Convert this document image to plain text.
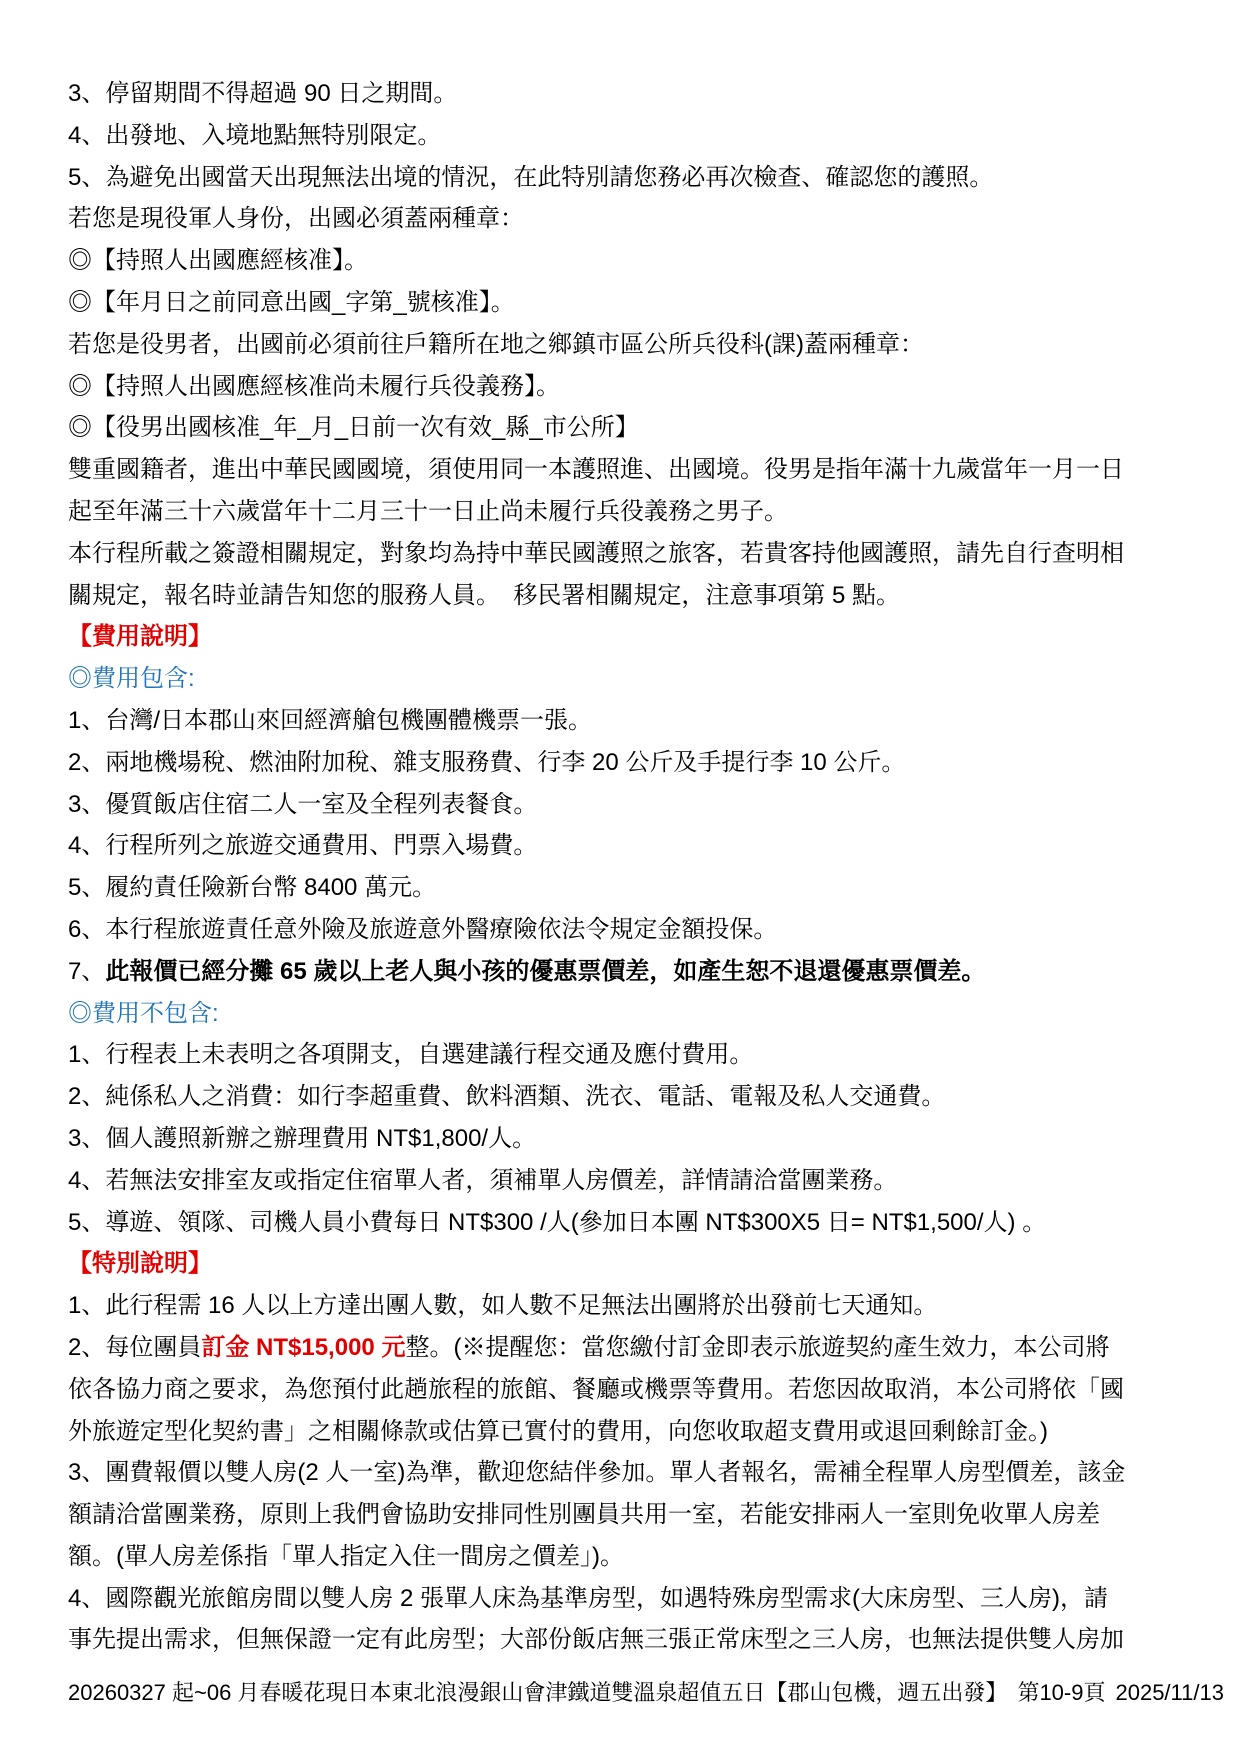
3、停留期間不得超過 90 日之期間。
4、出發地、入境地點無特別限定。
5、為避免出國當天出現無法出境的情況，在此特別請您務必再次檢查、確認您的護照。
若您是現役軍人身份，出國必須蓋兩種章：
◎【持照人出國應經核准】。
◎【年月日之前同意出國_字第_號核准】。
若您是役男者，出國前必須前往戶籍所在地之鄉鎮市區公所兵役科(課)蓋兩種章：
◎【持照人出國應經核准尚未履行兵役義務】。
◎【役男出國核准_年_月_日前一次有效_縣_市公所】
雙重國籍者，進出中華民國國境，須使用同一本護照進、出國境。役男是指年滿十九歲當年一月一日
起至年滿三十六歲當年十二月三十一日止尚未履行兵役義務之男子。
本行程所載之簽證相關規定，對象均為持中華民國護照之旅客，若貴客持他國護照，請先自行查明相
關規定，報名時並請告知您的服務人員。  移民署相關規定，注意事項第 5 點。
【費用說明】
◎費用包含:
1、台灣/日本郡山來回經濟艙包機團體機票一張。
2、兩地機場稅、燃油附加稅、雜支服務費、行李 20 公斤及手提行李 10 公斤。
3、優質飯店住宿二人一室及全程列表餐食。
4、行程所列之旅遊交通費用、門票入場費。
5、履約責任險新台幣 8400 萬元。
6、本行程旅遊責任意外險及旅遊意外醫療險依法令規定金額投保。
7、此報價已經分攤 65 歲以上老人與小孩的優惠票價差，如產生恕不退還優惠票價差。
◎費用不包含:
1、行程表上未表明之各項開支，自選建議行程交通及應付費用。
2、純係私人之消費：如行李超重費、飲料酒類、洗衣、電話、電報及私人交通費。
3、個人護照新辦之辦理費用 NT$1,800/人。
4、若無法安排室友或指定住宿單人者，須補單人房價差，詳情請洽當團業務。
5、導遊、領隊、司機人員小費每日 NT$300 /人(參加日本團 NT$300X5 日= NT$1,500/人) 。
【特別說明】
1、此行程需 16 人以上方達出團人數，如人數不足無法出團將於出發前七天通知。
2、每位團員訂金 NT$15,000 元整。(※提醒您：當您繳付訂金即表示旅遊契約產生效力，本公司將
依各協力商之要求，為您預付此趟旅程的旅館、餐廳或機票等費用。若您因故取消，本公司將依「國
外旅遊定型化契約書」之相關條款或估算已實付的費用，向您收取超支費用或退回剩餘訂金。)
3、團費報價以雙人房(2 人一室)為準，歡迎您結伴參加。單人者報名，需補全程單人房型價差，該金
額請洽當團業務，原則上我們會協助安排同性別團員共用一室，若能安排兩人一室則免收單人房差
額。(單人房差係指「單人指定入住一間房之價差」)。
4、國際觀光旅館房間以雙人房 2 張單人床為基準房型，如遇特殊房型需求(大床房型、三人房)，請
事先提出需求，但無保證一定有此房型；大部份飯店無三張正常床型之三人房，也無法提供雙人房加
20260327 起~06 月春暖花現日本東北浪漫銀山會津鐵道雙溫泉超值五日【郡山包機，週五出發】 第10-9頁 2025/11/13
